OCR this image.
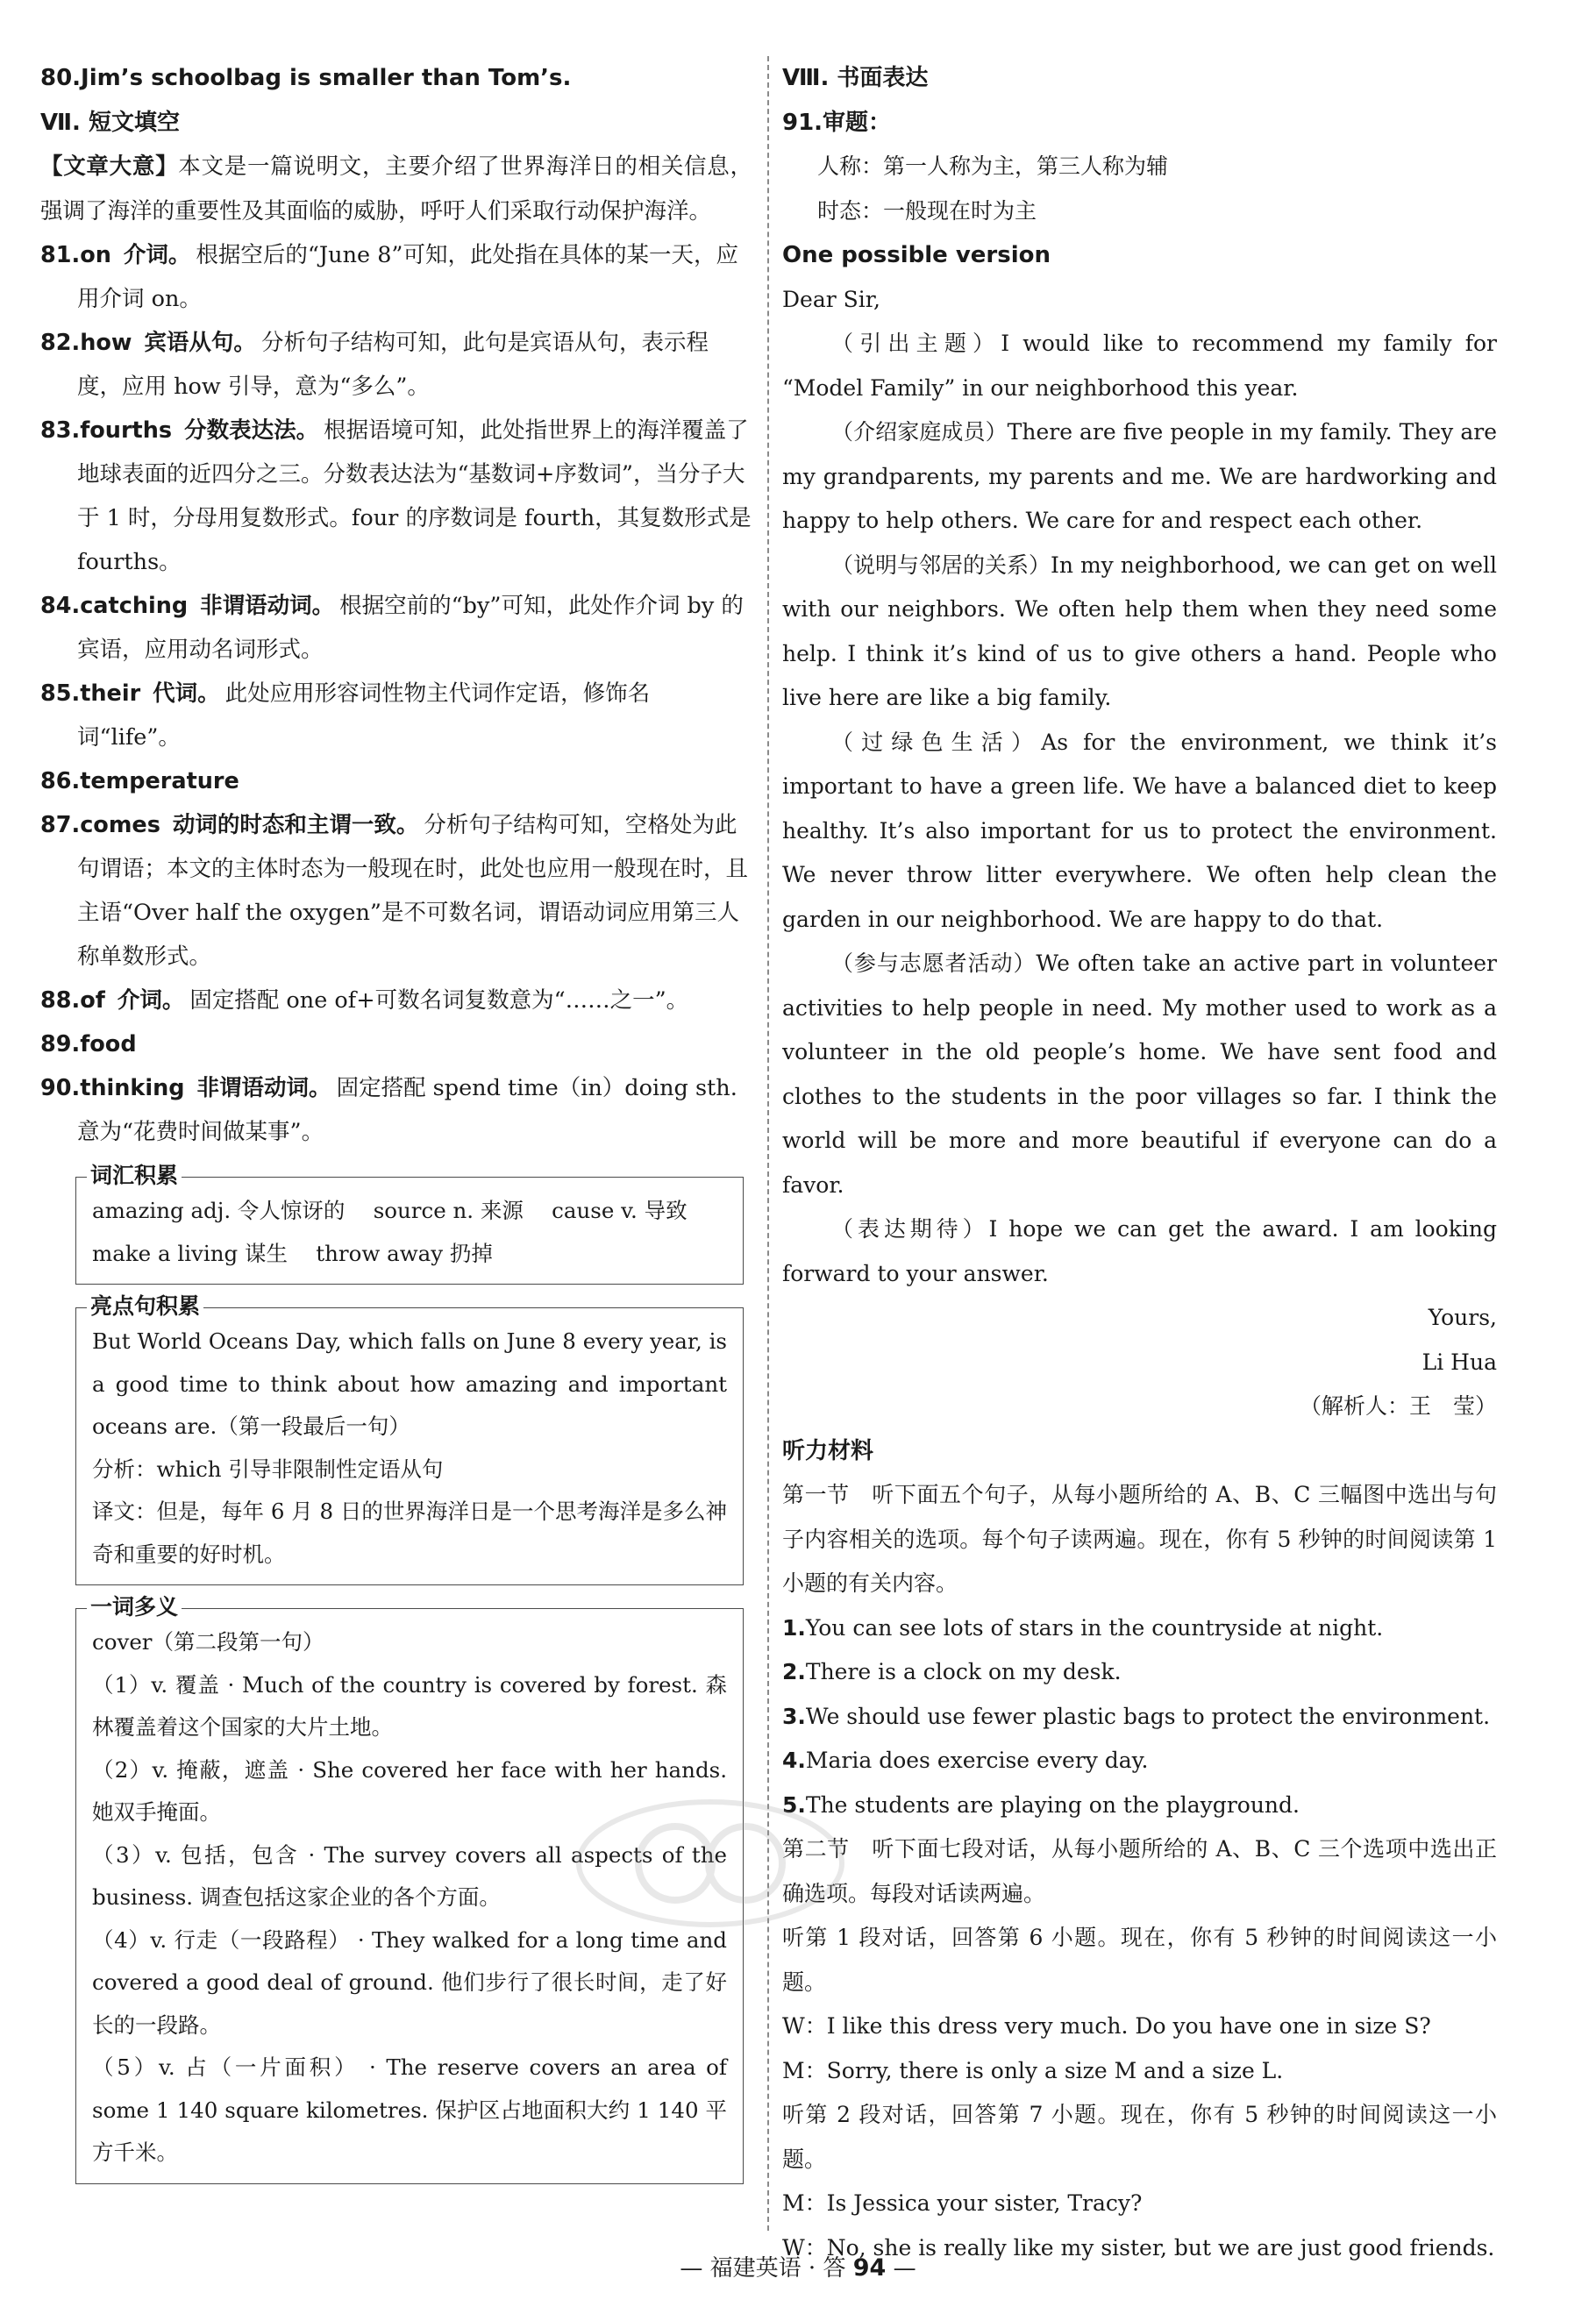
80.Jim’s schoolbag is smaller than Tom’s.

Ⅶ. 短文填空

【文章大意】本文是一篇说明文，主要介绍了世界海洋日的相关信息，强调了海洋的重要性及其面临的威胁，呼吁人们采取行动保护海洋。

81.on 介词。 根据空后的“June 8”可知，此处指在具体的某一天，应用介词 on。

82.how 宾语从句。 分析句子结构可知，此句是宾语从句，表示程度，应用 how 引导，意为“多么”。

83.fourths 分数表达法。 根据语境可知，此处指世界上的海洋覆盖了地球表面的近四分之三。分数表达法为“基数词+序数词”，当分子大于 1 时，分母用复数形式。four 的序数词是 fourth，其复数形式是 fourths。

84.catching 非谓语动词。 根据空前的“by”可知，此处作介词 by 的宾语，应用动名词形式。

85.their 代词。 此处应用形容词性物主代词作定语，修饰名词“life”。

86.temperature

87.comes 动词的时态和主谓一致。 分析句子结构可知，空格处为此句谓语；本文的主体时态为一般现在时，此处也应用一般现在时，且主语“Over half the oxygen”是不可数名词，谓语动词应用第三人称单数形式。

88.of 介词。 固定搭配 one of+可数名词复数意为“……之一”。

89.food

90.thinking 非谓语动词。 固定搭配 spend time（in）doing sth. 意为“花费时间做某事”。

词汇积累

amazing adj. 令人惊讶的　 source n. 来源　 cause v. 导致

make a living 谋生　 throw away 扔掉

亮点句积累

But World Oceans Day, which falls on June 8 every year, is a good time to think about how amazing and important oceans are.（第一段最后一句）

分析：which 引导非限制性定语从句

译文：但是，每年 6 月 8 日的世界海洋日是一个思考海洋是多么神奇和重要的好时机。

一词多义

cover（第二段第一句）

（1）v. 覆盖 · Much of the country is covered by forest. 森林覆盖着这个国家的大片土地。

（2）v. 掩蔽，遮盖 · She covered her face with her hands. 她双手掩面。

（3）v. 包括，包含 · The survey covers all aspects of the business. 调查包括这家企业的各个方面。

（4）v. 行走（一段路程） · They walked for a long time and covered a good deal of ground. 他们步行了很长时间，走了好长的一段路。

（5）v. 占（一片面积） · The reserve covers an area of some 1 140 square kilometres. 保护区占地面积大约 1 140 平方千米。

Ⅷ. 书面表达

91.审题：

人称：第一人称为主，第三人称为辅

时态：一般现在时为主

One possible version

Dear Sir,

（引出主题）I would like to recommend my family for “Model Family” in our neighborhood this year.

（介绍家庭成员）There are five people in my family. They are my grandparents, my parents and me. We are hardworking and happy to help others. We care for and respect each other.

（说明与邻居的关系）In my neighborhood, we can get on well with our neighbors. We often help them when they need some help. I think it’s kind of us to give others a hand. People who live here are like a big family.

（过绿色生活）As for the environment, we think it’s important to have a green life. We have a balanced diet to keep healthy. It’s also important for us to protect the environment. We never throw litter everywhere. We often help clean the garden in our neighborhood. We are happy to do that.

（参与志愿者活动）We often take an active part in volunteer activities to help people in need. My mother used to work as a volunteer in the old people’s home. We have sent food and clothes to the students in the poor villages so far. I think the world will be more and more beautiful if everyone can do a favor.

（表达期待）I hope we can get the award. I am looking forward to your answer.

Yours,

Li Hua

（解析人：王　莹）

听力材料

第一节　听下面五个句子，从每小题所给的 A、B、C 三幅图中选出与句子内容相关的选项。每个句子读两遍。现在，你有 5 秒钟的时间阅读第 1 小题的有关内容。

1.You can see lots of stars in the countryside at night.

2.There is a clock on my desk.

3.We should use fewer plastic bags to protect the environment.

4.Maria does exercise every day.

5.The students are playing on the playground.

第二节　听下面七段对话，从每小题所给的 A、B、C 三个选项中选出正确选项。每段对话读两遍。

听第 1 段对话，回答第 6 小题。现在，你有 5 秒钟的时间阅读这一小题。

W：I like this dress very much. Do you have one in size S?

M：Sorry, there is only a size M and a size L.

听第 2 段对话，回答第 7 小题。现在，你有 5 秒钟的时间阅读这一小题。

M：Is Jessica your sister, Tracy?

W：No, she is really like my sister, but we are just good friends.

— 福建英语 · 答 94 —
